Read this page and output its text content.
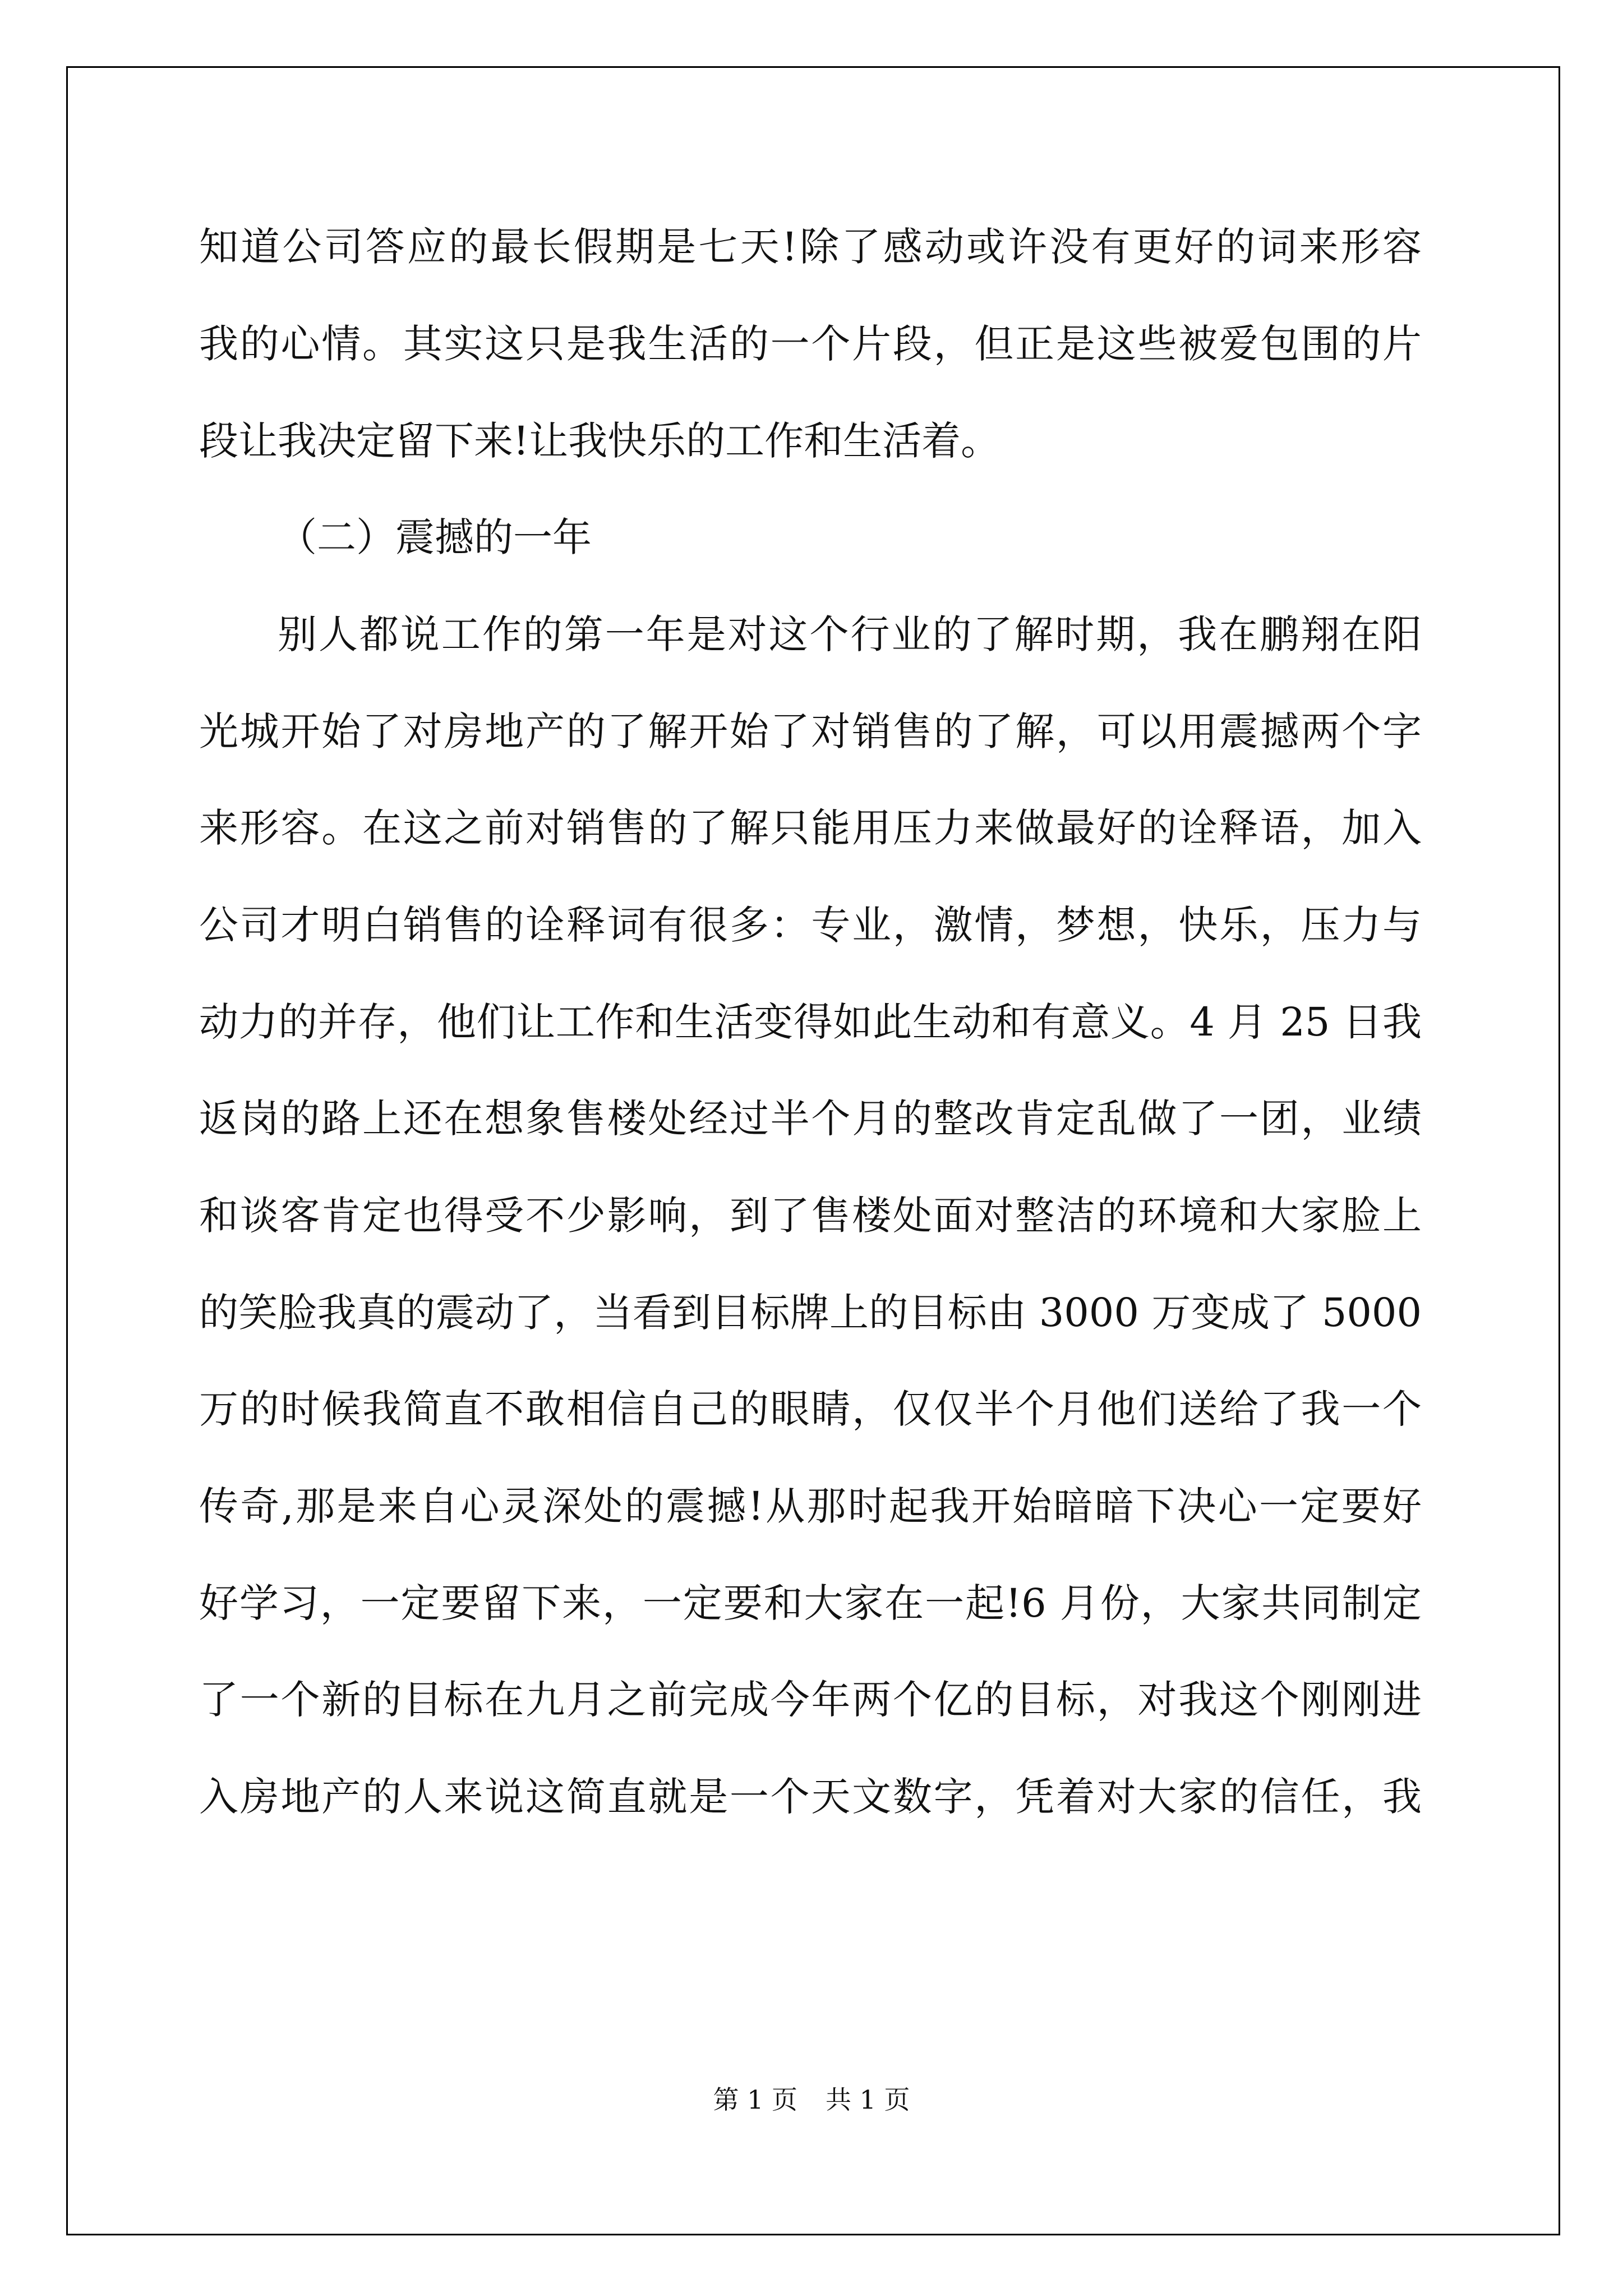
知道公司答应的最长假期是七天!除了感动或许没有更好的词来形容

我的心情。其实这只是我生活的一个片段，但正是这些被爱包围的片

段让我决定留下来!让我快乐的工作和生活着。

（二）震撼的一年

别人都说工作的第一年是对这个行业的了解时期，我在鹏翔在阳

光城开始了对房地产的了解开始了对销售的了解，可以用震撼两个字

来形容。在这之前对销售的了解只能用压力来做最好的诠释语，加入

公司才明白销售的诠释词有很多：专业，激情，梦想，快乐，压力与

动力的并存，他们让工作和生活变得如此生动和有意义。4 月 25 日我

返岗的路上还在想象售楼处经过半个月的整改肯定乱做了一团，业绩

和谈客肯定也得受不少影响，到了售楼处面对整洁的环境和大家脸上

的笑脸我真的震动了，当看到目标牌上的目标由 3000 万变成了 5000

万的时候我简直不敢相信自己的眼睛，仅仅半个月他们送给了我一个

传奇,那是来自心灵深处的震撼!从那时起我开始暗暗下决心一定要好

好学习，一定要留下来，一定要和大家在一起!6 月份，大家共同制定

了一个新的目标在九月之前完成今年两个亿的目标，对我这个刚刚进

入房地产的人来说这简直就是一个天文数字，凭着对大家的信任，我

第 1 页 共 1 页
